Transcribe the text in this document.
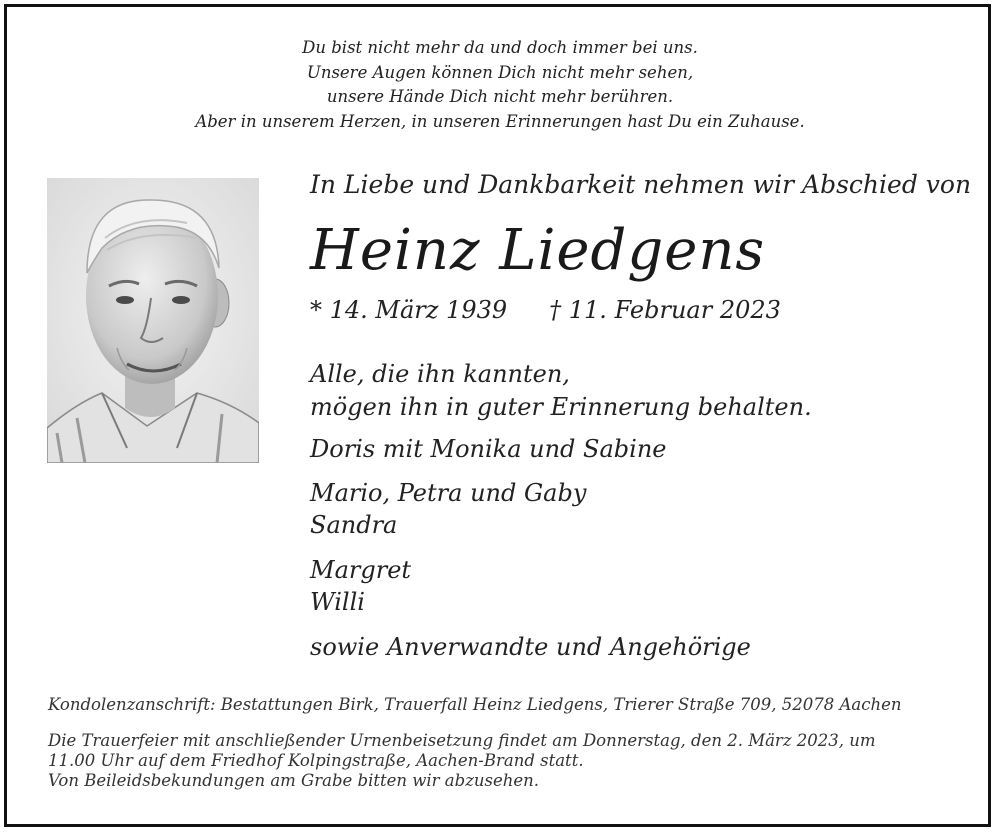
Du bist nicht mehr da und doch immer bei uns.
Unsere Augen können Dich nicht mehr sehen,
unsere Hände Dich nicht mehr berühren.
Aber in unserem Herzen, in unseren Erinnerungen hast Du ein Zuhause.
In Liebe und Dankbarkeit nehmen wir Abschied von
Heinz Liedgens
* 14. März 1939 † 11. Februar 2023
Alle, die ihn kannten,
mögen ihn in guter Erinnerung behalten.
Doris mit Monika und Sabine
Mario, Petra und Gaby
Sandra
Margret
Willi
sowie Anverwandte und Angehörige
Kondolenzanschrift: Bestattungen Birk, Trauerfall Heinz Liedgens, Trierer Straße 709, 52078 Aachen
Die Trauerfeier mit anschließender Urnenbeisetzung findet am Donnerstag, den 2. März 2023, um
11.00 Uhr auf dem Friedhof Kolpingstraße, Aachen-Brand statt.
Von Beileidsbekundungen am Grabe bitten wir abzusehen.
